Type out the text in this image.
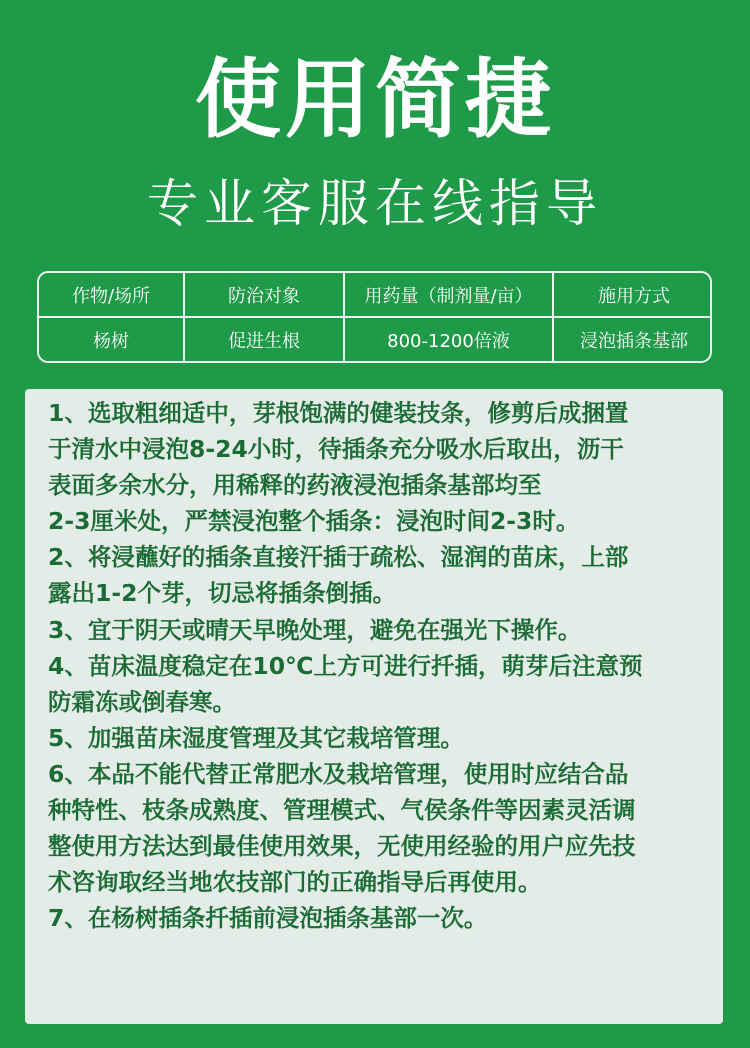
使用简捷
专业客服在线指导
作物/场所	防治对象	用药量（制剂量/亩）	施用方式
杨树	促进生根	800-1200倍液	浸泡插条基部
1、选取粗细适中，芽根饱满的健装技条，修剪后成捆置
于清水中浸泡8-24小时，待插条充分吸水后取出，沥干
表面多余水分，用稀释的药液浸泡插条基部均至
2-3厘米处，严禁浸泡整个插条：浸泡时间2-3时。
2、将浸蘸好的插条直接汗插于疏松、湿润的苗床，上部
露出1-2个芽，切忌将插条倒插。
3、宜于阴天或晴天早晚处理，避免在强光下操作。
4、苗床温度稳定在10℃上方可进行扦插，萌芽后注意预
防霜冻或倒春寒。
5、加强苗床湿度管理及其它栽培管理。
6、本品不能代替正常肥水及栽培管理，使用时应结合品
种特性、枝条成熟度、管理模式、气侯条件等因素灵活调
整使用方法达到最佳使用效果，无使用经验的用户应先技
术咨询取经当地农技部门的正确指导后再使用。
7、在杨树插条扦插前浸泡插条基部一次。
